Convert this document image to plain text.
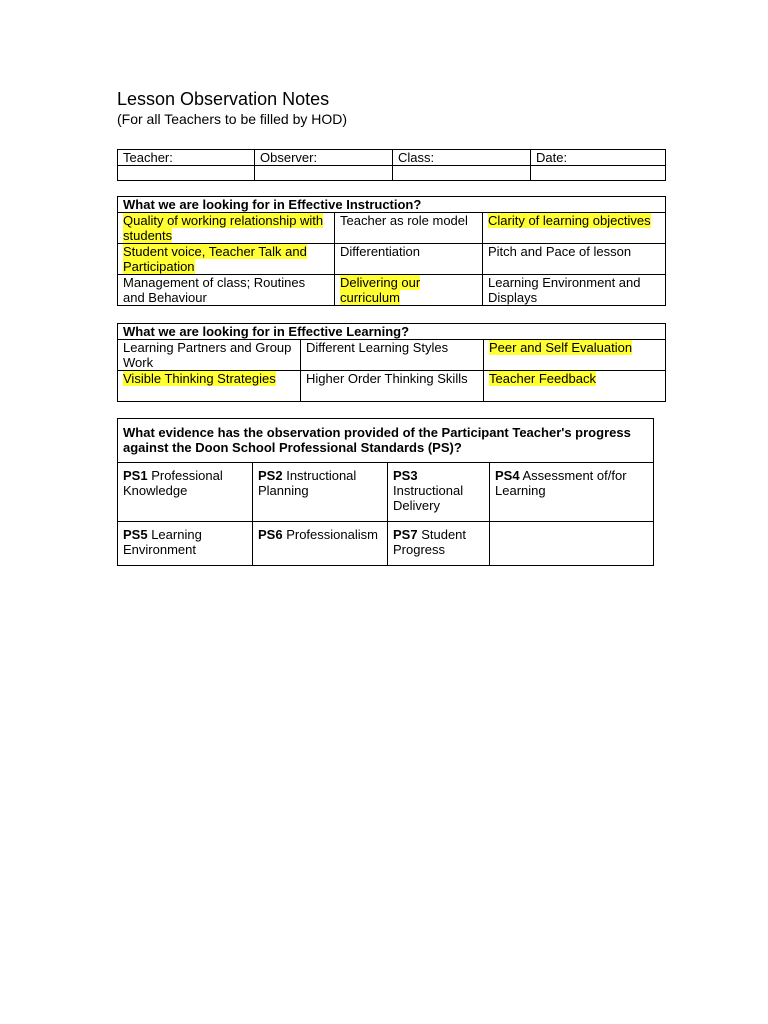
Lesson Observation Notes

(For all Teachers to be filled by HOD)

Teacher:	Observer:	Class:	Date:

What we are looking for in Effective Instruction?		
Quality of working relationship with students	Teacher as role model	Clarity of learning objectives
Student voice, Teacher Talk and Participation	Differentiation	Pitch and Pace of lesson
Management of class; Routines and Behaviour	Delivering our curriculum	Learning Environment and Displays
What we are looking for in Effective Learning?		
Learning Partners and Group Work	Different Learning Styles	Peer and Self Evaluation
Visible Thinking Strategies	Higher Order Thinking Skills	Teacher Feedback
What evidence has the observation provided of the Participant Teacher's progress against the Doon School Professional Standards (PS)?			
PS1 Professional Knowledge	PS2 Instructional Planning	PS3 Instructional Delivery	PS4 Assessment of/for Learning
PS5 Learning Environment	PS6 Professionalism	PS7 Student Progress	
